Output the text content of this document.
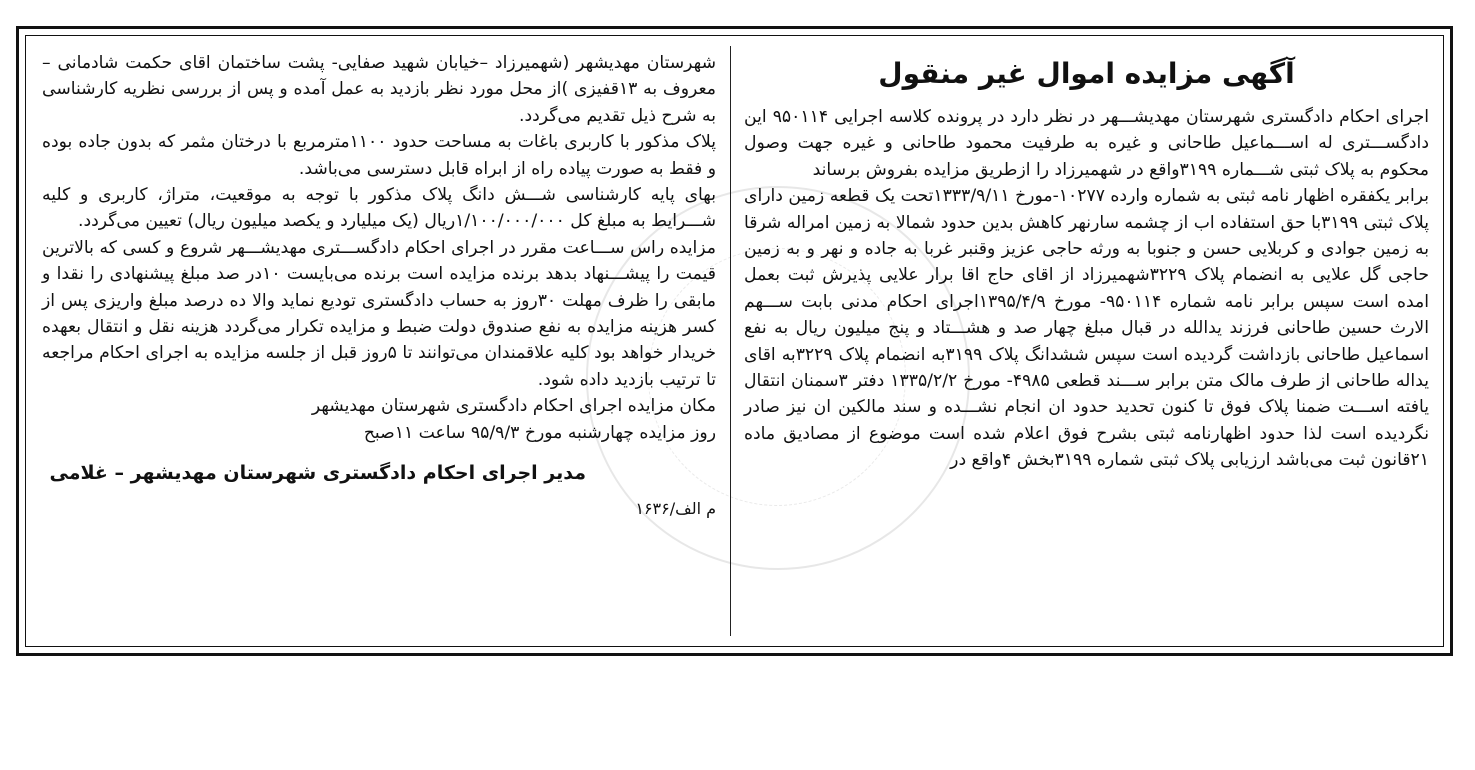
آگهی مزایده اموال غیر منقول

اجرای احکام دادگستری شهرستان مهدیشـــهر در نظر دارد در پرونده کلاسه اجرایی ۹۵۰۱۱۴ این دادگســـتری له اســـماعیل طاحانی و غیره به طرفیت محمود طاحانی و غیره جهت وصول محکوم به پلاک ثبتی شـــماره ۳۱۹۹واقع در شهمیرزاد را ازطریق مزایده بفروش برساند

برابر یکفقره اظهار نامه ثبتی به شماره وارده ۱۰۲۷۷-مورخ ۱۳۳۳/۹/۱۱تحت یک قطعه زمین دارای پلاک ثبتی ۳۱۹۹با حق استفاده اب از چشمه سارنهر کاهش بدین حدود شمالا به زمین امراله شرقا به زمین جوادی و کربلایی حسن و جنوبا به ورثه حاجی عزیز وقنبر غربا به جاده و نهر و به زمین حاجی گل علایی به انضمام پلاک ۳۲۲۹شهمیرزاد از اقای حاج اقا برار علایی پذیرش ثبت بعمل امده است سپس برابر نامه شماره ۹۵۰۱۱۴- مورخ ۱۳۹۵/۴/۹اجرای احکام مدنی بابت ســـهم الارث حسین طاحانی فرزند یدالله در قبال مبلغ چهار صد و هشـــتاد و پنج میلیون ریال به نفع اسماعیل طاحانی بازداشت گردیده است سپس ششدانگ پلاک ۳۱۹۹به انضمام پلاک ۳۲۲۹به اقای یداله طاحانی از طرف مالک متن برابر ســـند قطعی ۴۹۸۵- مورخ ۱۳۳۵/۲/۲ دفتر ۳سمنان انتقال یافته اســـت ضمنا پلاک فوق تا کنون تحدید حدود ان انجام نشـــده و سند مالکین ان نیز صادر نگردیده است لذا حدود اظهارنامه ثبتی بشرح فوق اعلام شده است موضوع از مصادیق ماده ۲۱قانون ثبت می‌باشد ارزیابی پلاک ثبتی شماره ۳۱۹۹بخش ۴واقع در

شهرستان مهدیشهر (شهمیرزاد –خیابان شهید صفایی- پشت ساختمان اقای حکمت شادمانی –معروف به ۱۳قفیزی )از محل مورد نظر بازدید به عمل آمده و پس از بررسی نظریه کارشناسی به شرح ذیل تقدیم می‌گردد.

پلاک مذکور با کاربری باغات به مساحت حدود ۱۱۰۰مترمربع با درختان مثمر که بدون جاده بوده و فقط به صورت پیاده راه از ابراه قابل دسترسی می‌باشد.

بهای پایه کارشناسی شـــش دانگ پلاک مذکور با توجه به موقعیت، متراژ، کاربری و کلیه شـــرایط به مبلغ کل ۱/۱۰۰/۰۰۰/۰۰۰ریال (یک میلیارد و یکصد میلیون ریال) تعیین می‌گردد.

مزایده راس ســـاعت مقرر در اجرای احکام دادگســـتری مهدیشـــهر شروع و کسی که بالاترین قیمت را پیشـــنهاد بدهد برنده مزایده است برنده می‌بایست ۱۰در صد مبلغ پیشنهادی را نقدا و مابقی را ظرف مهلت ۳۰روز به حساب دادگستری تودیع نماید والا ده درصد مبلغ واریزی پس از کسر هزینه مزایده به نفع صندوق دولت ضبط و مزایده تکرار می‌گردد هزینه نقل و انتقال بعهده خریدار خواهد بود کلیه علاقمندان می‌توانند تا ۵روز قبل از جلسه مزایده به اجرای احکام مراجعه تا ترتیب بازدید داده شود.

مکان مزایده اجرای احکام دادگستری شهرستان مهدیشهر

روز مزایده چهارشنبه مورخ ۹۵/۹/۳ ساعت ۱۱صبح

مدیر اجرای احکام دادگستری شهرستان مهدیشهر – غلامی
م الف/۱۶۳۶
